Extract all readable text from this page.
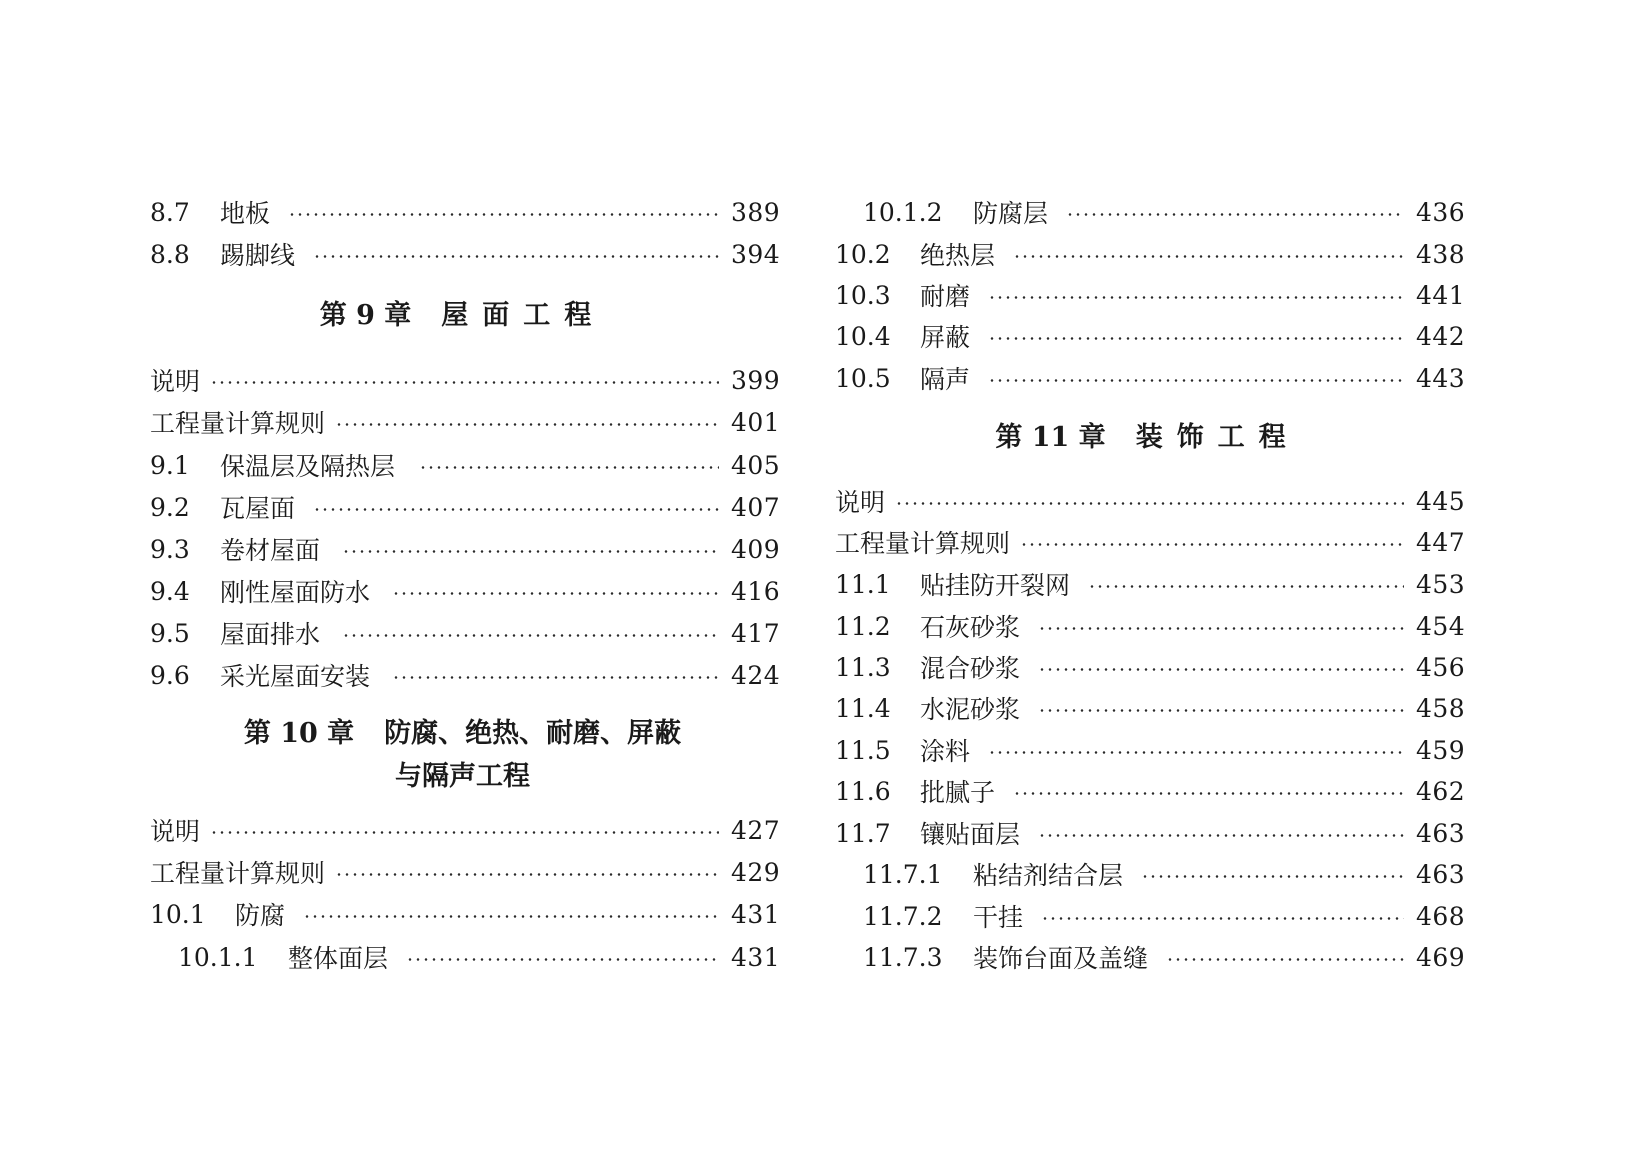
8.7	地板	389
8.8	踢脚线	394
第 9 章 屋面工程
说明	399
工程量计算规则	401
9.1	保温层及隔热层	405
9.2	瓦屋面	407
9.3	卷材屋面	409
9.4	刚性屋面防水	416
9.5	屋面排水	417
9.6	采光屋面安装	424
第 10 章 防腐、绝热、耐磨、屏蔽
与隔声工程
说明	427
工程量计算规则	429
10.1	防腐	431
10.1.1	整体面层	431
10.1.2	防腐层	436
10.2	绝热层	438
10.3	耐磨	441
10.4	屏蔽	442
10.5	隔声	443
第 11 章 装饰工程
说明	445
工程量计算规则	447
11.1	贴挂防开裂网	453
11.2	石灰砂浆	454
11.3	混合砂浆	456
11.4	水泥砂浆	458
11.5	涂料	459
11.6	批腻子	462
11.7	镶贴面层	463
11.7.1	粘结剂结合层	463
11.7.2	干挂	468
11.7.3	装饰台面及盖缝	469
